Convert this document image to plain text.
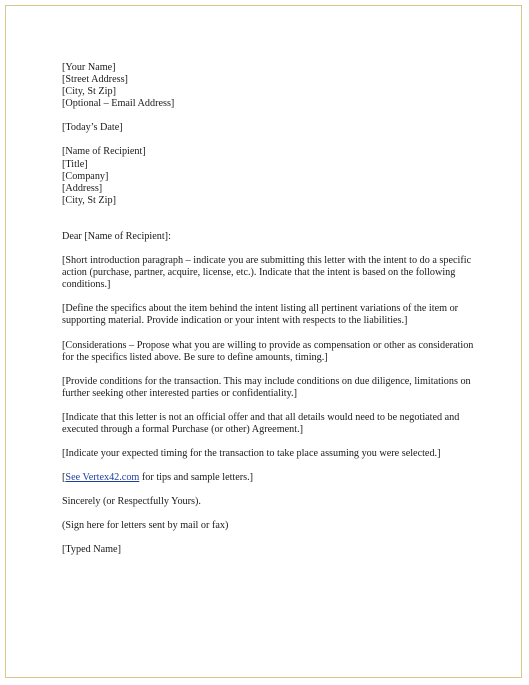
[Your Name]
[Street Address]
[City, St Zip]
[Optional – Email Address]
[Today’s Date]
[Name of Recipient]
[Title]
[Company]
[Address]
[City, St Zip]
Dear [Name of Recipient]:
[Short introduction paragraph – indicate you are submitting this letter with the intent to do a specific action (purchase, partner, acquire, license, etc.). Indicate that the intent is based on the following conditions.]
[Define the specifics about the item behind the intent listing all pertinent variations of the item or supporting material. Provide indication or your intent with respects to the liabilities.]
[Considerations – Propose what you are willing to provide as compensation or other as consideration for the specifics listed above. Be sure to define amounts, timing.]
[Provide conditions for the transaction. This may include conditions on due diligence, limitations on further seeking other interested parties or confidentiality.]
[Indicate that this letter is not an official offer and that all details would need to be negotiated and executed through a formal Purchase (or other) Agreement.]
[Indicate your expected timing for the transaction to take place assuming you were selected.]
[See Vertex42.com for tips and sample letters.]
Sincerely (or Respectfully Yours).
(Sign here for letters sent by mail or fax)
[Typed Name]
